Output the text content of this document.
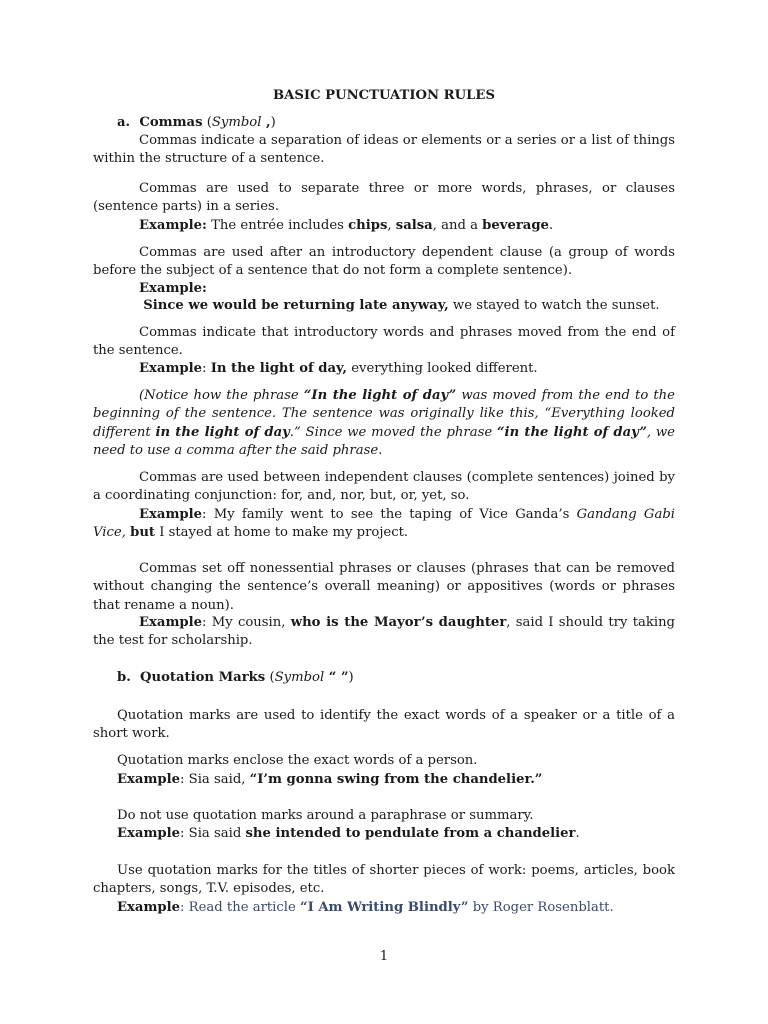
BASIC PUNCTUATION RULES
a. Commas (Symbol ,)

Commas indicate a separation of ideas or elements or a series or a list of things within the structure of a sentence.

Commas are used to separate three or more words, phrases, or clauses (sentence parts) in a series.

Example: The entrée includes chips, salsa, and a beverage.

Commas are used after an introductory dependent clause (a group of words before the subject of a sentence that do not form a complete sentence).

Example:
Since we would be returning late anyway, we stayed to watch the sunset.

Commas indicate that introductory words and phrases moved from the end of the sentence.

Example: In the light of day, everything looked different.

(Notice how the phrase “In the light of day” was moved from the end to the beginning of the sentence. The sentence was originally like this, “Everything looked different in the light of day.” Since we moved the phrase “in the light of day”, we need to use a comma after the said phrase.

Commas are used between independent clauses (complete sentences) joined by a coordinating conjunction: for, and, nor, but, or, yet, so.

Example: My family went to see the taping of Vice Ganda’s Gandang Gabi Vice, but I stayed at home to make my project.

Commas set off nonessential phrases or clauses (phrases that can be removed without changing the sentence’s overall meaning) or appositives (words or phrases that rename a noun).

Example: My cousin, who is the Mayor’s daughter, said I should try taking the test for scholarship.

b. Quotation Marks (Symbol “ ”)

Quotation marks are used to identify the exact words of a speaker or a title of a short work.

Quotation marks enclose the exact words of a person.

Example: Sia said, “I’m gonna swing from the chandelier.”

Do not use quotation marks around a paraphrase or summary.

Example: Sia said she intended to pendulate from a chandelier.

Use quotation marks for the titles of shorter pieces of work: poems, articles, book chapters, songs, T.V. episodes, etc.

Example: Read the article “I Am Writing Blindly” by Roger Rosenblatt.
1
